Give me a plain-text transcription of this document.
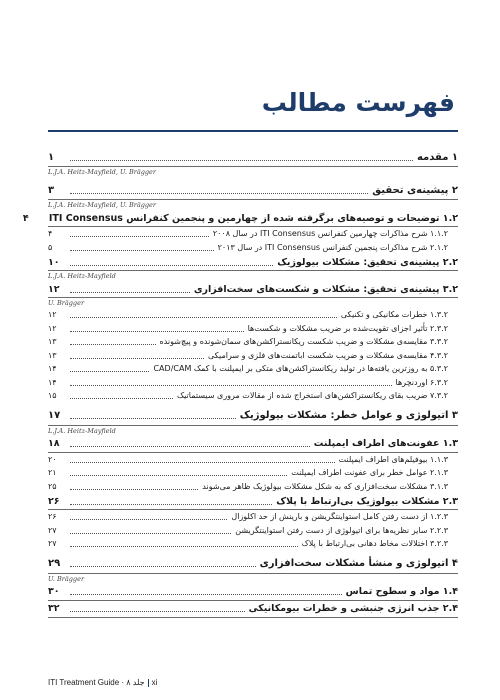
فهرست مطالب
۱ مقدمه
۱
L.J.A. Heitz-Mayfield, U. Brägger
۲ پیشینه‌ی تحقیق
۳
L.J.A. Heitz-Mayfield, U. Brägger
۱.۲ توضیحات و توصیه‌های برگرفته شده از چهارمین و پنجمین کنفرانس ITI Consensus
۴
۱.۱.۲ شرح مذاکرات چهارمین کنفرانس ITI Consensus در سال ۲۰۰۸
۴
۲.۱.۲ شرح مذاکرات پنجمین کنفرانس ITI Consensus در سال ۲۰۱۳
۵
۲.۲ پیشینه‌ی تحقیق: مشکلات بیولوژیک
۱۰
L.J.A. Heitz-Mayfield
۳.۲ پیشینه‌ی تحقیق: مشکلات و شکست‌های سخت‌افزاری
۱۲
U. Brägger
۱.۳.۲ خطرات مکانیکی و تکنیکی
۱۲
۲.۳.۲ تأثیر اجزای تقویت‌شده بر ضریب مشکلات و شکست‌ها
۱۲
۳.۳.۲ مقایسه‌ی مشکلات و ضریب شکست ریکانستراکشن‌های سمان‌شونده و پیچ‌شونده
۱۳
۴.۳.۲ مقایسه‌ی مشکلات و ضریب شکست اباتمنت‌های فلزی و سرامیکی
۱۳
۵.۳.۲ به روزترین یافته‌ها در تولید ریکانستراکشن‌های متکی بر ایمپلنت با کمک CAD/CAM
۱۴
۶.۳.۲ اوردنچرها
۱۴
۷.۳.۲ ضریب بقای ریکانستراکشن‌های استخراج شده از مقالات مروری سیستماتیک
۱۵
۳ اتیولوژی و عوامل خطر: مشکلات بیولوژیک
۱۷
L.J.A. Heitz-Mayfield
۱.۳ عفونت‌های اطراف ایمپلنت
۱۸
۱.۱.۳ بیوفیلم‌های اطراف ایمپلنت
۲۰
۲.۱.۳ عوامل خطر برای عفونت اطراف ایمپلنت
۲۱
۳.۱.۳ مشکلات سخت‌افزاری که به شکل مشکلات بیولوژیک ظاهر می‌شوند
۲۵
۲.۳ مشکلات بیولوژیک بی‌ارتباط با پلاک
۲۶
۱.۲.۳ از دست رفتن کامل استواینتگریشن و بارینش از حد اکلوزال
۲۶
۲.۲.۳ سایر نظریه‌ها برای اتیولوژی از دست رفتن استواینتگریشن
۲۷
۳.۲.۳ اختلالات مخاط دهانی بی‌ارتباط با پلاک
۲۷
۴ اتیولوژی و منشأ مشکلات سخت‌افزاری
۲۹
U. Brägger
۱.۴ مواد و سطوح تماس
۳۰
۲.۴ جذب انرژی جنبشی و خطرات بیومکانیکی
۳۲
ITI Treatment Guide · جلد ۸ xi
